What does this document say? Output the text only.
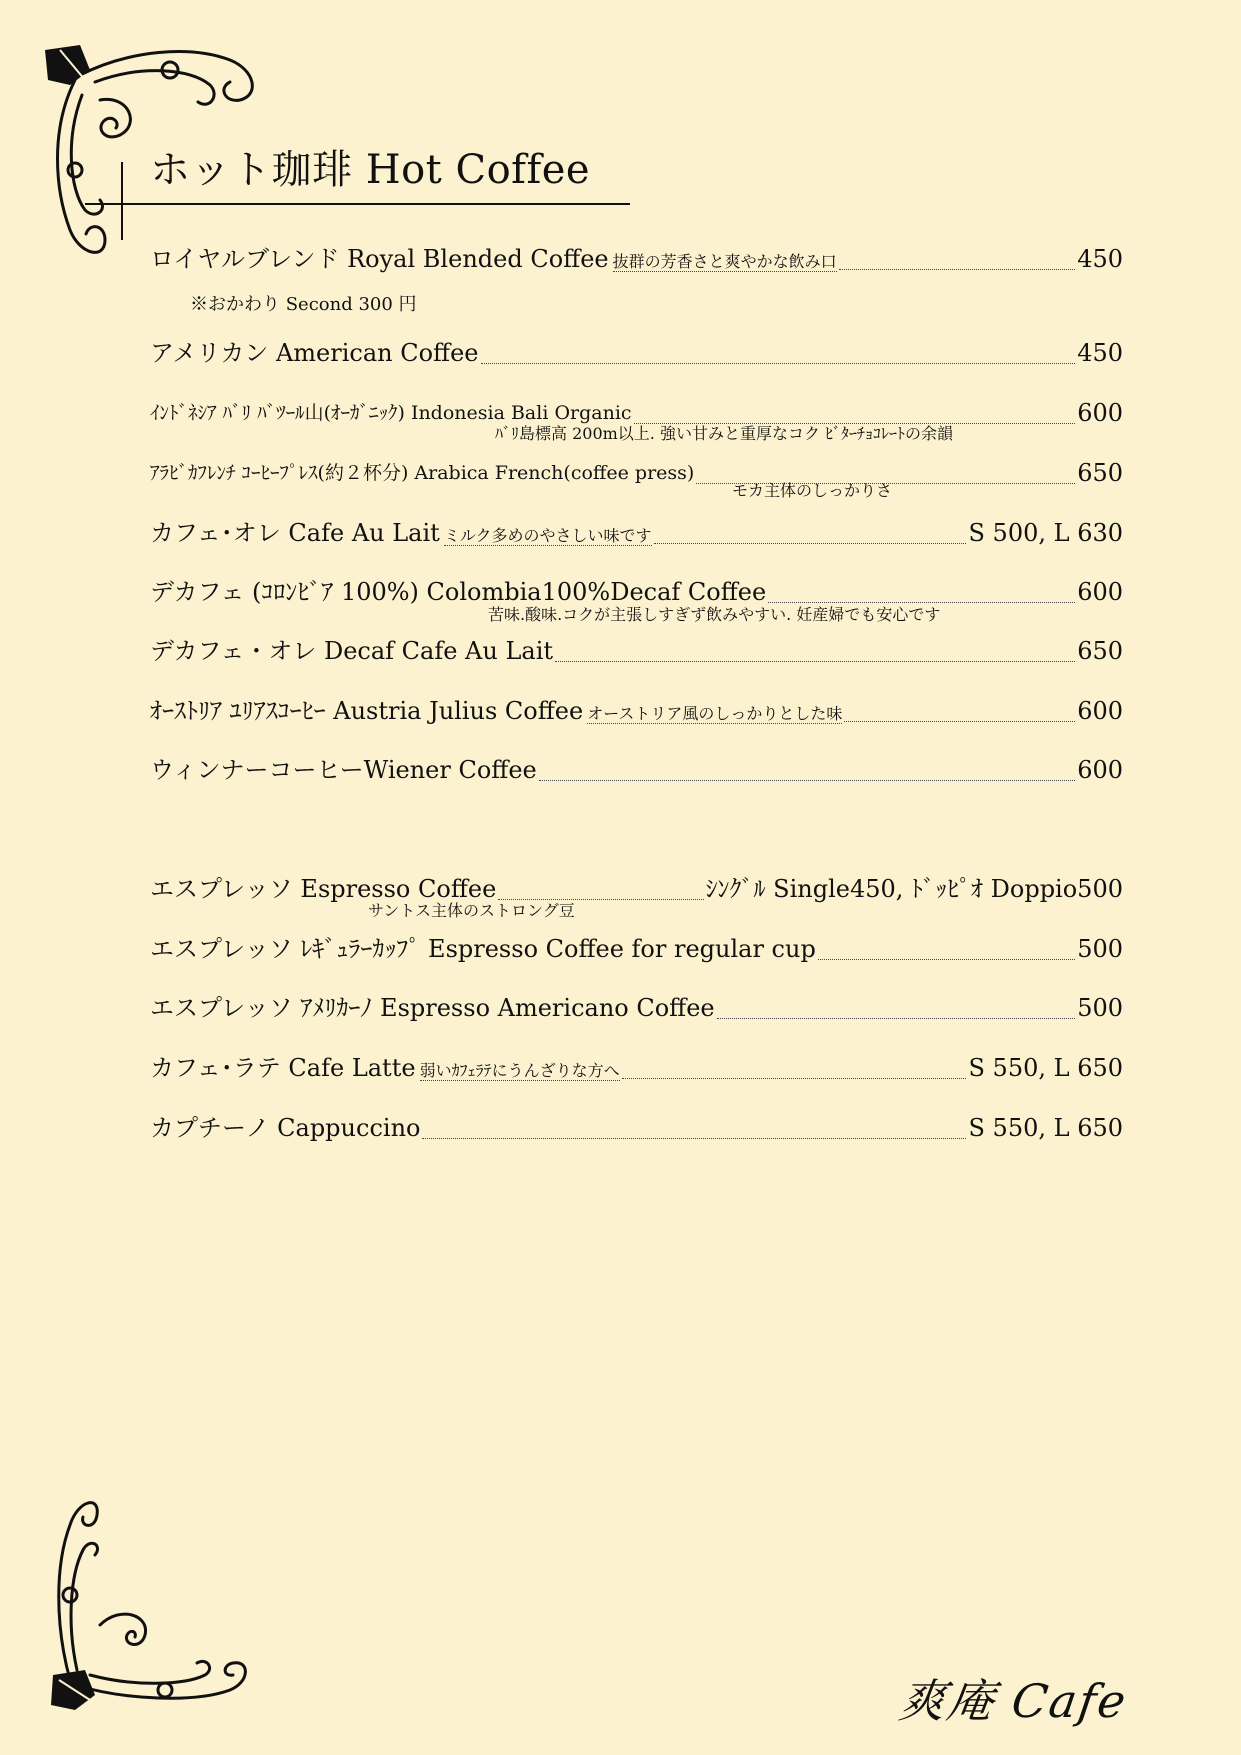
ホット珈琲 Hot Coffee
ロイヤルブレンド Royal Blended Coffee 抜群の芳香さと爽やかな飲み口	450
※おかわり Second 300 円
アメリカン American Coffee	450
ｲﾝﾄﾞﾈｼｱ ﾊﾞﾘ ﾊﾞﾂｰﾙ山(ｵｰｶﾞﾆｯｸ) Indonesia Bali Organic	600
ﾊﾞﾘ島標高 200m以上. 強い甘みと重厚なコク ﾋﾞﾀｰﾁｮｺﾚｰﾄの余韻
ｱﾗﾋﾞｶﾌﾚﾝﾁ ｺｰﾋｰﾌﾟﾚｽ(約２杯分) Arabica French(coffee press)	650
モカ主体のしっかりさ
カフェ･オレ Cafe Au Lait ミルク多めのやさしい味です	S 500, L 630
デカフェ (ｺﾛﾝﾋﾞｱ 100%) Colombia100%Decaf Coffee	600
苦味.酸味.コクが主張しすぎず飲みやすい. 妊産婦でも安心です
デカフェ・オレ Decaf Cafe Au Lait	650
ｵｰｽﾄﾘｱ ﾕﾘｱｽｺｰﾋｰ Austria Julius Coffee オーストリア風のしっかりとした味	600
ウィンナーコーヒーWiener Coffee	600
エスプレッソ Espresso Coffee	ｼﾝｸﾞﾙ Single450, ﾄﾞｯﾋﾟｵ Doppio500
サントス主体のストロング豆
エスプレッソ ﾚｷﾞｭﾗｰｶｯﾌﾟ Espresso Coffee for regular cup	500
エスプレッソ ｱﾒﾘｶｰﾉ Espresso Americano Coffee	500
カフェ･ラテ Cafe Latte 弱いｶﾌｪﾗﾃにうんざりな方へ	S 550, L 650
カプチーノ Cappuccino	S 550, L 650
爽庵 Cafe
